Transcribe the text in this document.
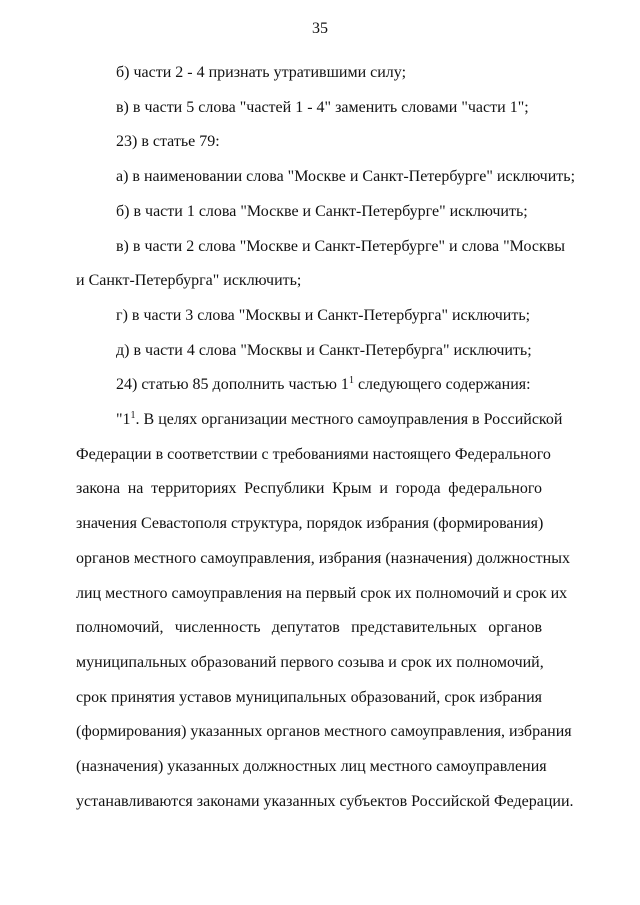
35

б) части 2 - 4 признать утратившими силу;

в) в части 5 слова "частей 1 - 4" заменить словами "части 1";

23) в статье 79:

а) в наименовании слова "Москве и Санкт-Петербурге" исключить;

б) в части 1 слова "Москве и Санкт-Петербурге" исключить;

в) в части 2 слова "Москве и Санкт-Петербурге" и слова "Москвы
и Санкт-Петербурга" исключить;

г) в части 3 слова "Москвы и Санкт-Петербурга" исключить;

д) в части 4 слова "Москвы и Санкт-Петербурга" исключить;

24) статью 85 дополнить частью $1^1$ следующего содержания:

"$1^1$. В целях организации местного самоуправления в Российской
Федерации в соответствии с требованиями настоящего Федерального
закона на территориях Республики Крым и города федерального
значения Севастополя структура, порядок избрания (формирования)
органов местного самоуправления, избрания (назначения) должностных
лиц местного самоуправления на первый срок их полномочий и срок их
полномочий, численность депутатов представительных органов
муниципальных образований первого созыва и срок их полномочий,
срок принятия уставов муниципальных образований, срок избрания
(формирования) указанных органов местного самоуправления, избрания
(назначения) указанных должностных лиц местного самоуправления
устанавливаются законами указанных субъектов Российской Федерации.
